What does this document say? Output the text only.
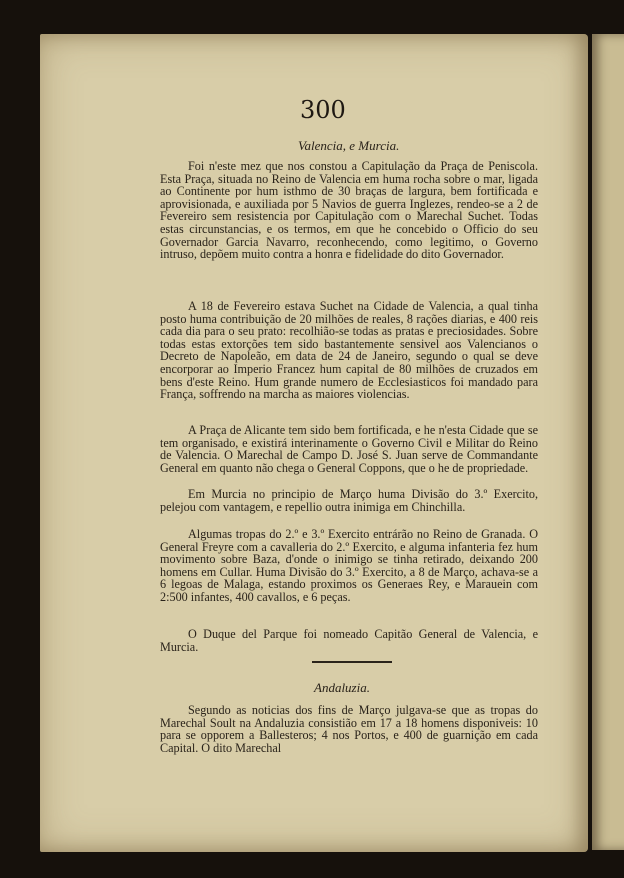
300
Valencia, e Murcia.

Foi n'este mez que nos constou a Capitulação da Praça de Peniscola. Esta Praça, situada no Reino de Valencia em huma rocha sobre o mar, ligada ao Continente por hum isthmo de 30 braças de largura, bem fortificada e aprovisionada, e auxiliada por 5 Navios de guerra Inglezes, rendeo-se a 2 de Fevereiro sem resistencia por Capitulação com o Marechal Suchet. Todas estas circunstancias, e os termos, em que he concebido o Officio do seu Governador Garcia Navarro, reconhecendo, como legitimo, o Governo intruso, depõem muito contra a honra e fidelidade do dito Governador.

A 18 de Fevereiro estava Suchet na Cidade de Valencia, a qual tinha posto huma contribuição de 20 milhões de reales, 8 rações diarias, e 400 reis cada dia para o seu prato: recolhião-se todas as pratas e preciosidades. Sobre todas estas extorções tem sido bastantemente sensivel aos Valencianos o Decreto de Napoleão, em data de 24 de Janeiro, segundo o qual se deve encorporar ao Imperio Francez hum capital de 80 milhões de cruzados em bens d'este Reino. Hum grande numero de Ecclesiasticos foi mandado para França, soffrendo na marcha as maiores violencias.

A Praça de Alicante tem sido bem fortificada, e he n'esta Cidade que se tem organisado, e existirá interinamente o Governo Civil e Militar do Reino de Valencia. O Marechal de Campo D. José S. Juan serve de Commandante General em quanto não chega o General Coppons, que o he de propriedade.

Em Murcia no principio de Março huma Divisão do 3.º Exercito, pelejou com vantagem, e repellio outra inimiga em Chinchilla.

Algumas tropas do 2.º e 3.º Exercito entrárão no Reino de Granada. O General Freyre com a cavalleria do 2.º Exercito, e alguma infanteria fez hum movimento sobre Baza, d'onde o inimigo se tinha retirado, deixando 200 homens em Cullar. Huma Divisão do 3.º Exercito, a 8 de Março, achava-se a 6 legoas de Malaga, estando proximos os Generaes Rey, e Marauein com 2:500 infantes, 400 cavallos, e 6 peças.

O Duque del Parque foi nomeado Capitão General de Valencia, e Murcia.

Andaluzia.

Segundo as noticias dos fins de Março julgava-se que as tropas do Marechal Soult na Andaluzia consistião em 17 a 18 homens disponiveis: 10 para se opporem a Ballesteros; 4 nos Portos, e 400 de guarnição em cada Capital. O dito Marechal
